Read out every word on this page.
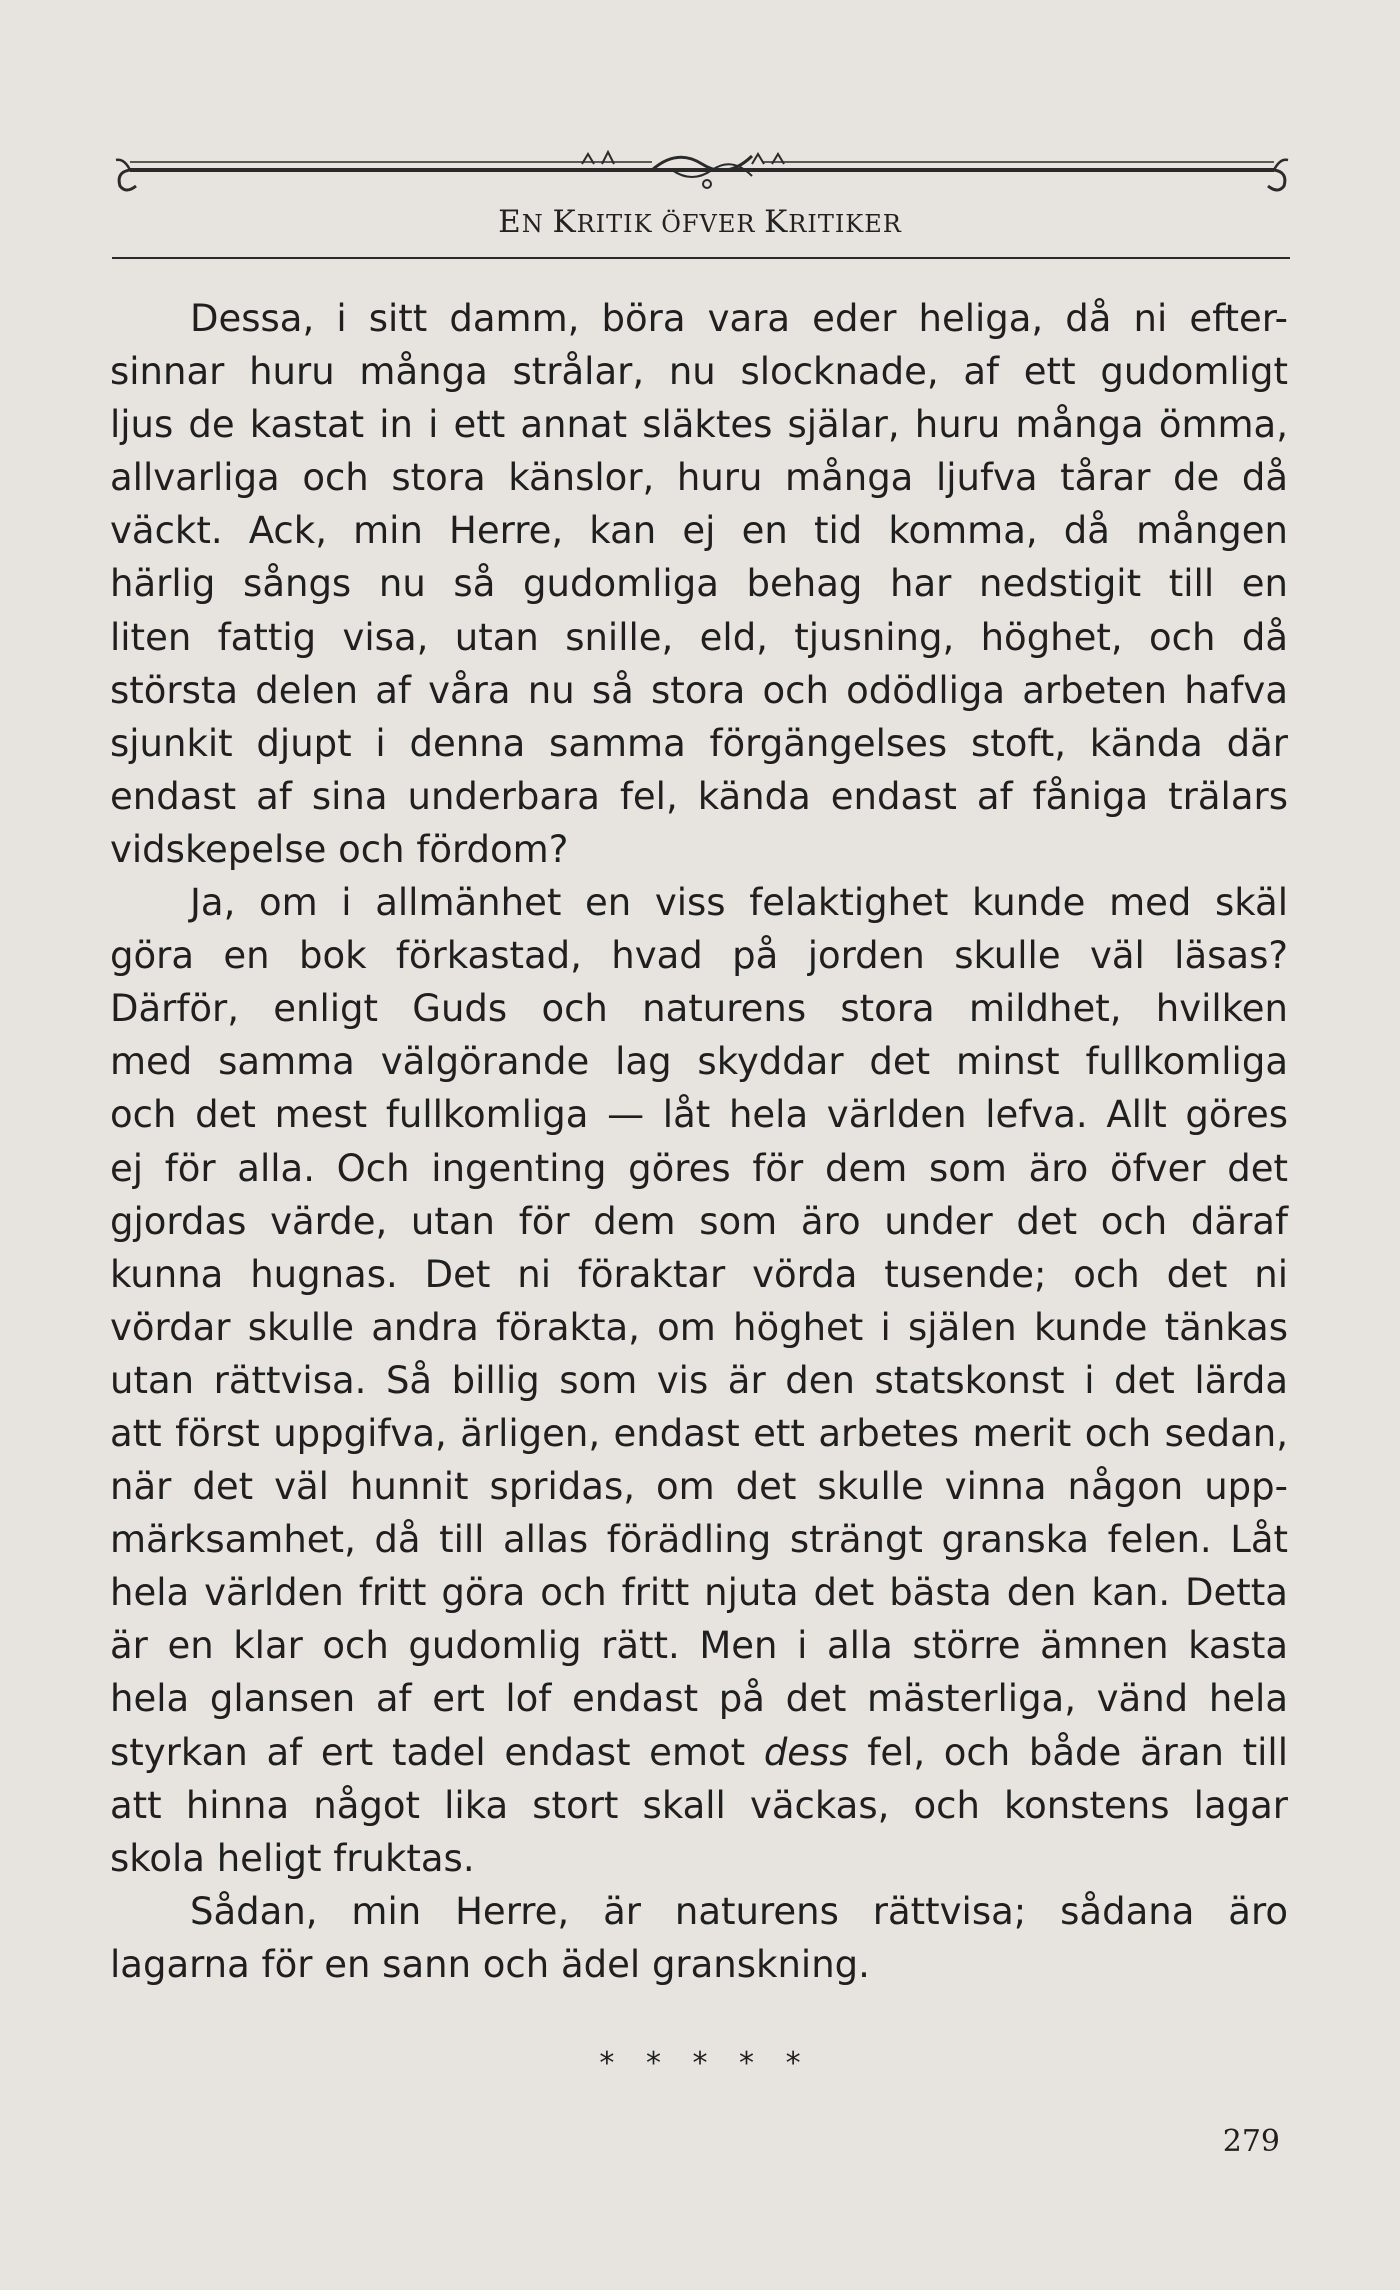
EN KRITIK ÖFVER KRITIKER
Dessa, i sitt damm, böra vara eder heliga, då ni efter-
sinnar huru många strålar, nu slocknade, af ett gudomligt
ljus de kastat in i ett annat släktes själar, huru många ömma,
allvarliga och stora känslor, huru många ljufva tårar de då
väckt. Ack, min Herre, kan ej en tid komma, då mången
härlig sångs nu så gudomliga behag har nedstigit till en
liten fattig visa, utan snille, eld, tjusning, höghet, och då
största delen af våra nu så stora och odödliga arbeten hafva
sjunkit djupt i denna samma förgängelses stoft, kända där
endast af sina underbara fel, kända endast af fåniga trälars
vidskepelse och fördom?
Ja, om i allmänhet en viss felaktighet kunde med skäl
göra en bok förkastad, hvad på jorden skulle väl läsas?
Därför, enligt Guds och naturens stora mildhet, hvilken
med samma välgörande lag skyddar det minst fullkomliga
och det mest fullkomliga — låt hela världen lefva. Allt göres
ej för alla. Och ingenting göres för dem som äro öfver det
gjordas värde, utan för dem som äro under det och däraf
kunna hugnas. Det ni föraktar vörda tusende; och det ni
vördar skulle andra förakta, om höghet i själen kunde tänkas
utan rättvisa. Så billig som vis är den statskonst i det lärda
att först uppgifva, ärligen, endast ett arbetes merit och sedan,
när det väl hunnit spridas, om det skulle vinna någon upp-
märksamhet, då till allas förädling strängt granska felen. Låt
hela världen fritt göra och fritt njuta det bästa den kan. Detta
är en klar och gudomlig rätt. Men i alla större ämnen kasta
hela glansen af ert lof endast på det mästerliga, vänd hela
styrkan af ert tadel endast emot dess fel, och både äran till
att hinna något lika stort skall väckas, och konstens lagar
skola heligt fruktas.
Sådan, min Herre, är naturens rättvisa; sådana äro
lagarna för en sann och ädel granskning.
* * * * *
279
